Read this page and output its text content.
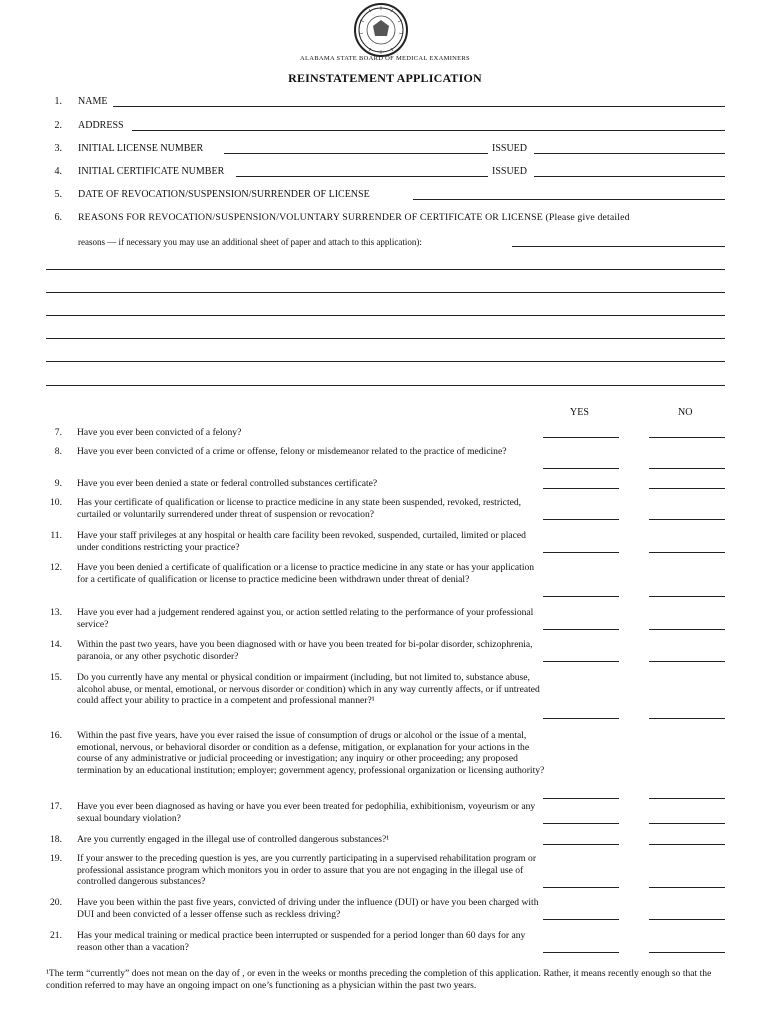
ALABAMA STATE BOARD OF MEDICAL EXAMINERS
REINSTATEMENT APPLICATION
1. NAME
2. ADDRESS
3. INITIAL LICENSE NUMBER	ISSUED
4. INITIAL CERTIFICATE NUMBER	ISSUED
5. DATE OF REVOCATION/SUSPENSION/SURRENDER OF LICENSE
6. REASONS FOR REVOCATION/SUSPENSION/VOLUNTARY SURRENDER OF CERTIFICATE OR LICENSE (Please give detailed
reasons — if necessary you may use an additional sheet of paper and attach to this application):
YES	NO
7. Have you ever been convicted of a felony?
8. Have you ever been convicted of a crime or offense, felony or misdemeanor related to the practice of medicine?
9. Have you ever been denied a state or federal controlled substances certificate?
10. Has your certificate of qualification or license to practice medicine in any state been suspended, revoked, restricted, curtailed or voluntarily surrendered under threat of suspension or revocation?
11. Have your staff privileges at any hospital or health care facility been revoked, suspended, curtailed, limited or placed under conditions restricting your practice?
12. Have you been denied a certificate of qualification or a license to practice medicine in any state or has your application for a certificate of qualification or license to practice medicine been withdrawn under threat of denial?
13. Have you ever had a judgement rendered against you, or action settled relating to the performance of your professional service?
14. Within the past two years, have you been diagnosed with or have you been treated for bi-polar disorder, schizophrenia, paranoia, or any other psychotic disorder?
15. Do you currently have any mental or physical condition or impairment (including, but not limited to, substance abuse, alcohol abuse, or mental, emotional, or nervous disorder or condition) which in any way currently affects, or if untreated could affect your ability to practice in a competent and professional manner?¹
16. Within the past five years, have you ever raised the issue of consumption of drugs or alcohol or the issue of a mental, emotional, nervous, or behavioral disorder or condition as a defense, mitigation, or explanation for your actions in the course of any administrative or judicial proceeding or investigation; any inquiry or other proceeding; any proposed termination by an educational institution; employer; government agency, professional organization or licensing authority?
17. Have you ever been diagnosed as having or have you ever been treated for pedophilia, exhibitionism, voyeurism or any sexual boundary violation?
18. Are you currently engaged in the illegal use of controlled dangerous substances?¹
19. If your answer to the preceding question is yes, are you currently participating in a supervised rehabilitation program or professional assistance program which monitors you in order to assure that you are not engaging in the illegal use of controlled dangerous substances?
20. Have you been within the past five years, convicted of driving under the influence (DUI) or have you been charged with DUI and been convicted of a lesser offense such as reckless driving?
21. Has your medical training or medical practice been interrupted or suspended for a period longer than 60 days for any reason other than a vacation?
¹The term “currently” does not mean on the day of , or even in the weeks or months preceding the completion of this application. Rather, it means recently enough so that the condition referred to may have an ongoing impact on one’s functioning as a physician within the past two years.
